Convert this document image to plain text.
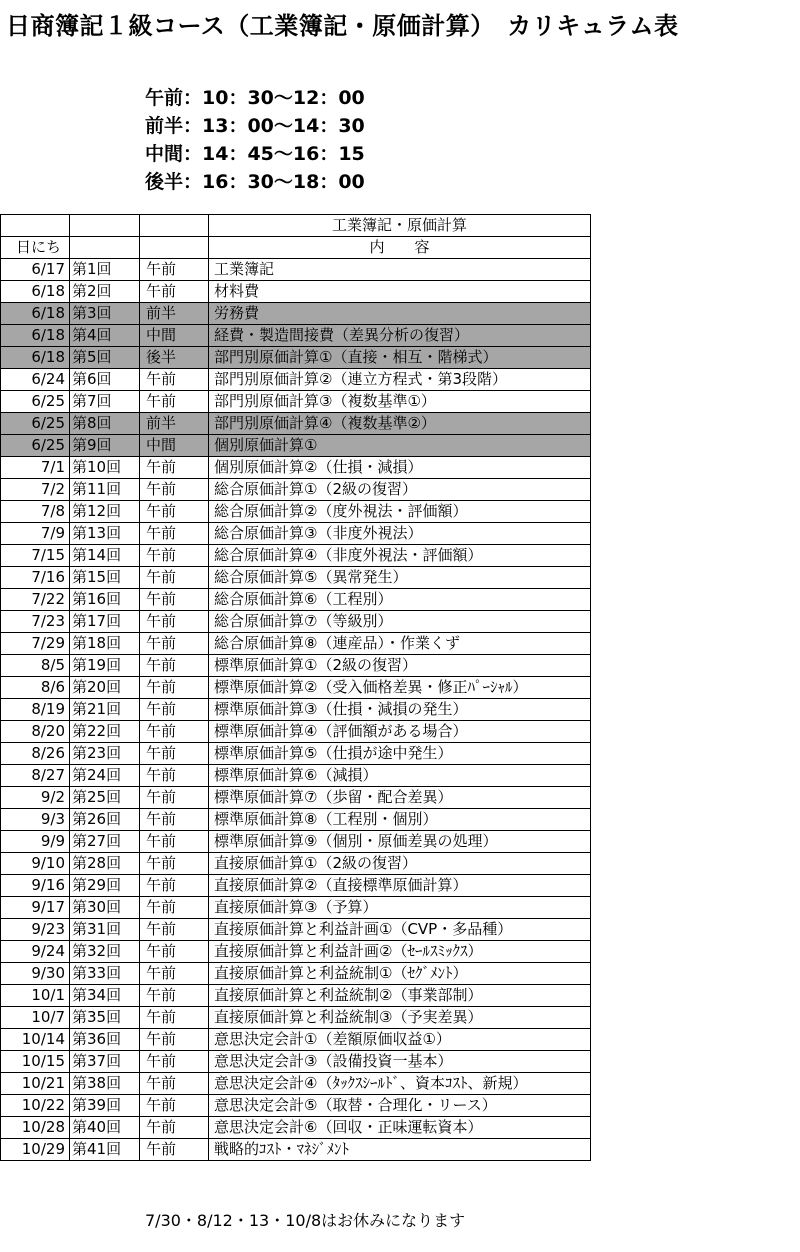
日商簿記１級コース（工業簿記・原価計算）　カリキュラム表
午前：10：30～12：00
前半：13：00～14：30
中間：14：45～16：15
後半：16：30～18：00
			工業簿記・原価計算
日にち			内　　容
6/17	第1回	午前	工業簿記
6/18	第2回	午前	材料費
6/18	第3回	前半	労務費
6/18	第4回	中間	経費・製造間接費（差異分析の復習）
6/18	第5回	後半	部門別原価計算①（直接・相互・階梯式）
6/24	第6回	午前	部門別原価計算②（連立方程式・第3段階）
6/25	第7回	午前	部門別原価計算③（複数基準①）
6/25	第8回	前半	部門別原価計算④（複数基準②）
6/25	第9回	中間	個別原価計算①
7/1	第10回	午前	個別原価計算②（仕損・減損）
7/2	第11回	午前	総合原価計算①（2級の復習）
7/8	第12回	午前	総合原価計算②（度外視法・評価額）
7/9	第13回	午前	総合原価計算③（非度外視法）
7/15	第14回	午前	総合原価計算④（非度外視法・評価額）
7/16	第15回	午前	総合原価計算⑤（異常発生）
7/22	第16回	午前	総合原価計算⑥（工程別）
7/23	第17回	午前	総合原価計算⑦（等級別）
7/29	第18回	午前	総合原価計算⑧（連産品）・作業くず
8/5	第19回	午前	標準原価計算①（2級の復習）
8/6	第20回	午前	標準原価計算②（受入価格差異・修正ﾊﾟｰｼｬﾙ）
8/19	第21回	午前	標準原価計算③（仕損・減損の発生）
8/20	第22回	午前	標準原価計算④（評価額がある場合）
8/26	第23回	午前	標準原価計算⑤（仕損が途中発生）
8/27	第24回	午前	標準原価計算⑥（減損）
9/2	第25回	午前	標準原価計算⑦（歩留・配合差異）
9/3	第26回	午前	標準原価計算⑧（工程別・個別）
9/9	第27回	午前	標準原価計算⑨（個別・原価差異の処理）
9/10	第28回	午前	直接原価計算①（2級の復習）
9/16	第29回	午前	直接原価計算②（直接標準原価計算）
9/17	第30回	午前	直接原価計算③（予算）
9/23	第31回	午前	直接原価計算と利益計画①（CVP・多品種）
9/24	第32回	午前	直接原価計算と利益計画②（ｾｰﾙｽﾐｯｸｽ）
9/30	第33回	午前	直接原価計算と利益統制①（ｾｸﾞﾒﾝﾄ）
10/1	第34回	午前	直接原価計算と利益統制②（事業部制）
10/7	第35回	午前	直接原価計算と利益統制③（予実差異）
10/14	第36回	午前	意思決定会計①（差額原価収益①）
10/15	第37回	午前	意思決定会計③（設備投資一基本）
10/21	第38回	午前	意思決定会計④（ﾀｯｸｽｼｰﾙﾄﾞ、資本ｺｽﾄ、新規）
10/22	第39回	午前	意思決定会計⑤（取替・合理化・リース）
10/28	第40回	午前	意思決定会計⑥（回収・正味運転資本）
10/29	第41回	午前	戦略的ｺｽﾄ・ﾏﾈｼﾞﾒﾝﾄ
7/30・8/12・13・10/8はお休みになります
